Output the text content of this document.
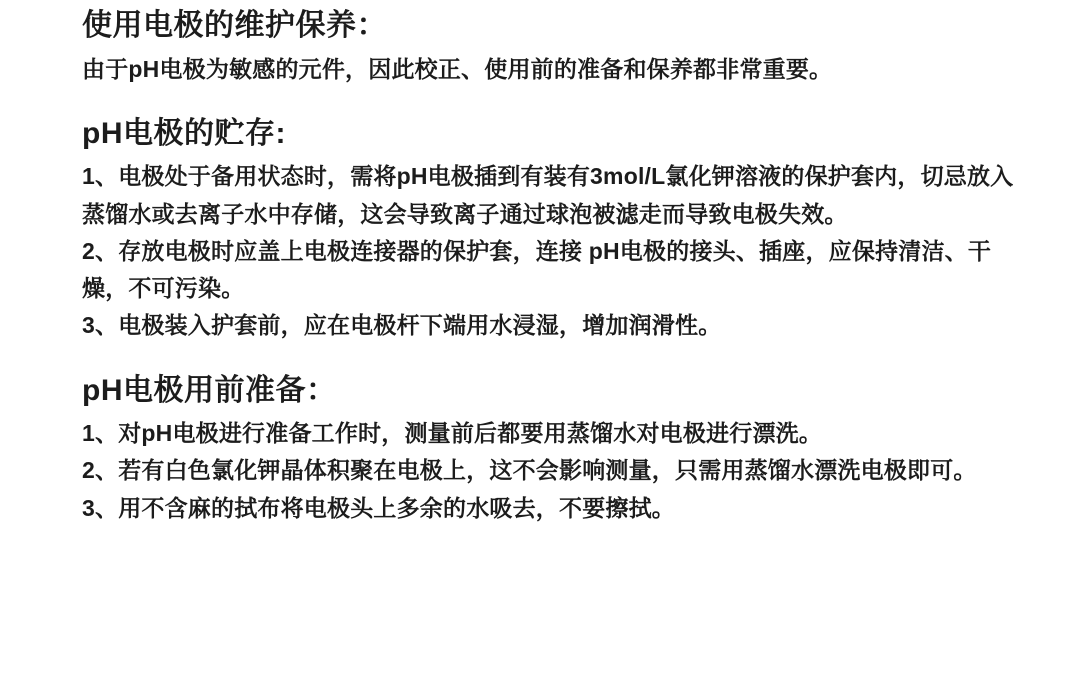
使用电极的维护保养：

由于pH电极为敏感的元件，因此校正、使用前的准备和保养都非常重要。

pH电极的贮存:
1、电极处于备用状态时，需将pH电极插到有装有3mol/L氯化钾溶液的保护套内，切忌放入蒸馏水或去离子水中存储，这会导致离子通过球泡被滤走而导致电极失效。
2、存放电极时应盖上电极连接器的保护套，连接 pH电极的接头、插座，应保持清洁、干燥，不可污染。
3、电极装入护套前，应在电极杆下端用水浸湿，增加润滑性。
pH电极用前准备：
1、对pH电极进行准备工作时，测量前后都要用蒸馏水对电极进行漂洗。
2、若有白色氯化钾晶体积聚在电极上，这不会影响测量，只需用蒸馏水漂洗电极即可。
3、用不含麻的拭布将电极头上多余的水吸去，不要擦拭。
